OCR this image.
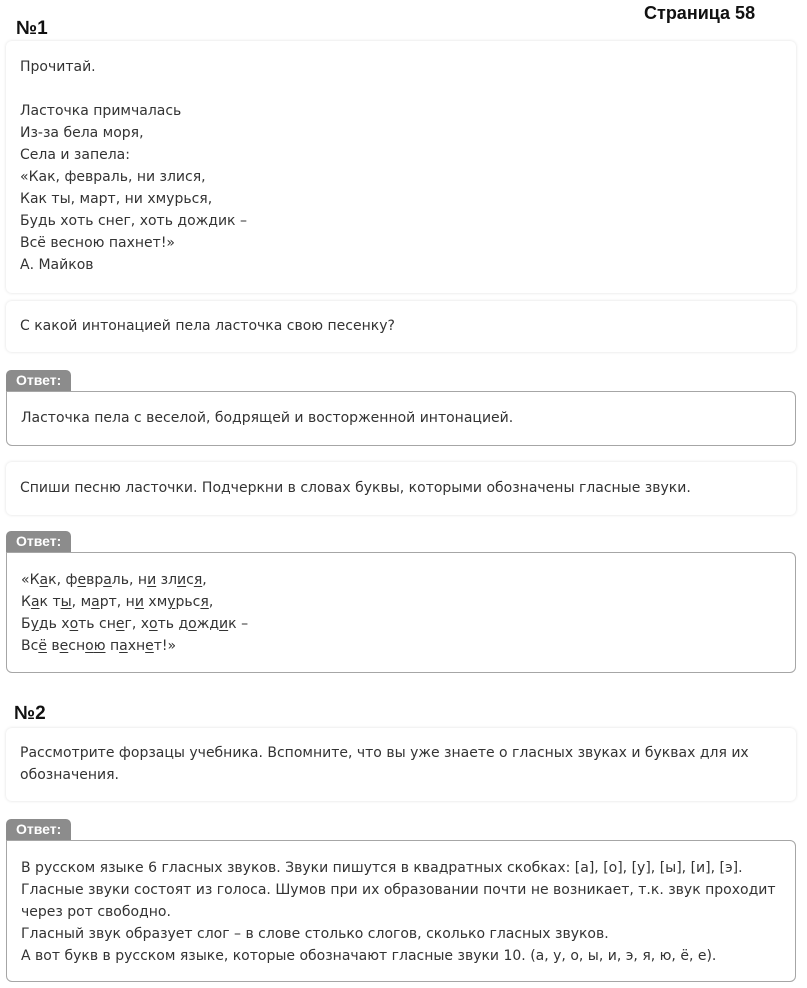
Страница 58
№1

Прочитай.

Ласточка примчалась
Из-за бела моря,
Села и запела:
«Как, февраль, ни злися,
Как ты, март, ни хмурься,
Будь хоть снег, хоть дождик –
Всё весною пахнет!»
А. Майков

С какой интонацией пела ласточка свою песенку?

Ответ:

Ласточка пела с веселой, бодрящей и восторженной интонацией.

Спиши песню ласточки. Подчеркни в словах буквы, которыми обозначены гласные звуки.

Ответ:
«Как, февраль, ни злися,
Как ты, март, ни хмурься,
Будь хоть снег, хоть дождик –
Всё весною пахнет!»
№2

Рассмотрите форзацы учебника. Вспомните, что вы уже знаете о гласных звуках и буквах для их обозначения.

Ответ:

В русском языке 6 гласных звуков. Звуки пишутся в квадратных скобках: [а], [о], [у], [ы], [и], [э].

Гласные звуки состоят из голоса. Шумов при их образовании почти не возникает, т.к. звук проходит через рот свободно.

Гласный звук образует слог – в слове столько слогов, сколько гласных звуков.

А вот букв в русском языке, которые обозначают гласные звуки 10. (а, у, о, ы, и, э, я, ю, ё, е).
